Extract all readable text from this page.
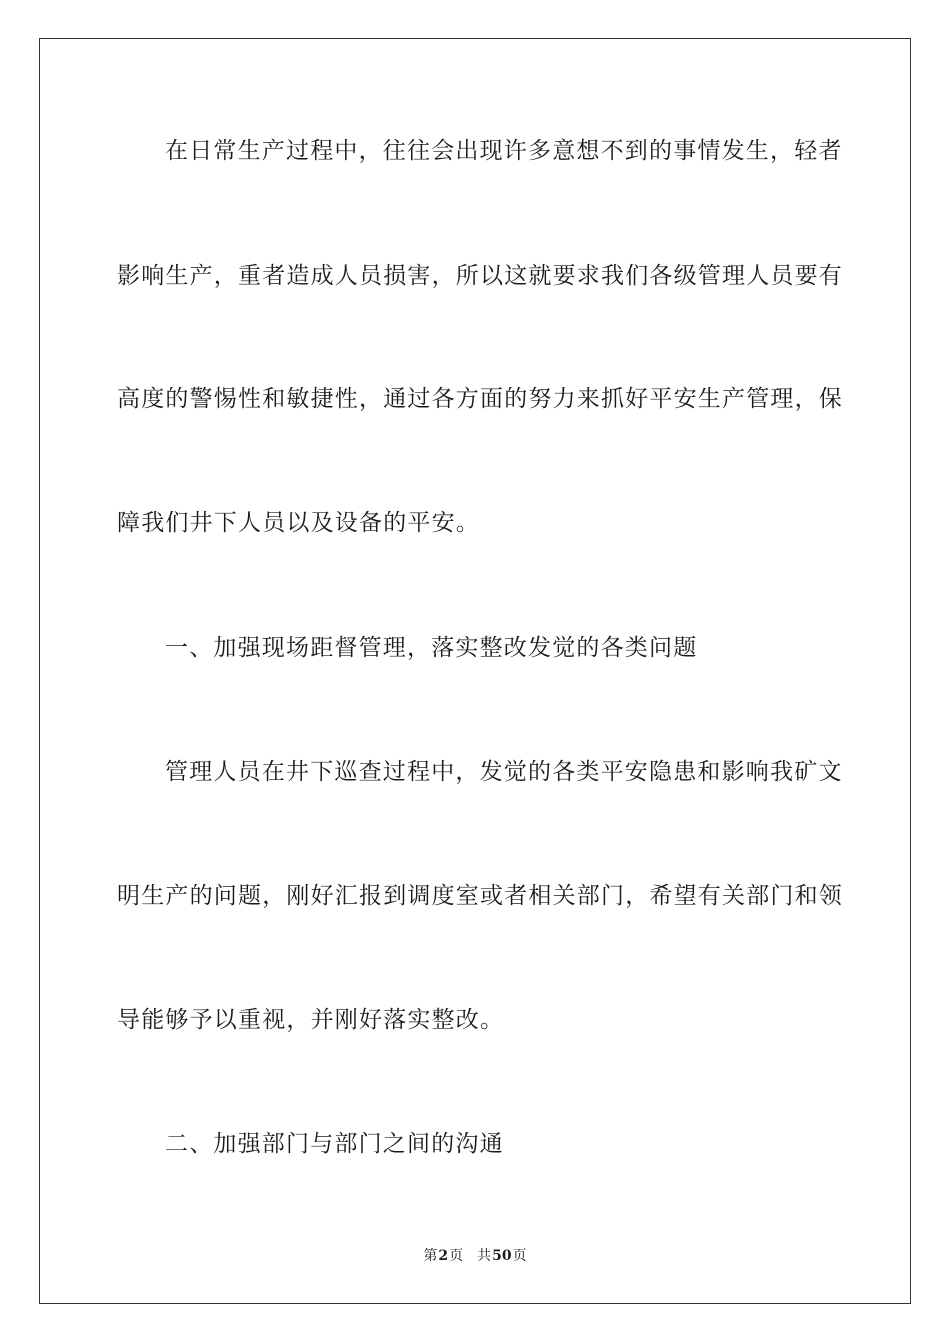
在日常生产过程中，往往会出现许多意想不到的事情发生，轻者

影响生产，重者造成人员损害，所以这就要求我们各级管理人员要有

高度的警惕性和敏捷性，通过各方面的努力来抓好平安生产管理，保

障我们井下人员以及设备的平安。

一、加强现场距督管理，落实整改发觉的各类问题

管理人员在井下巡查过程中，发觉的各类平安隐患和影响我矿文

明生产的问题，刚好汇报到调度室或者相关部门，希望有关部门和领

导能够予以重视，并刚好落实整改。

二、加强部门与部门之间的沟通

第2页 共50页
